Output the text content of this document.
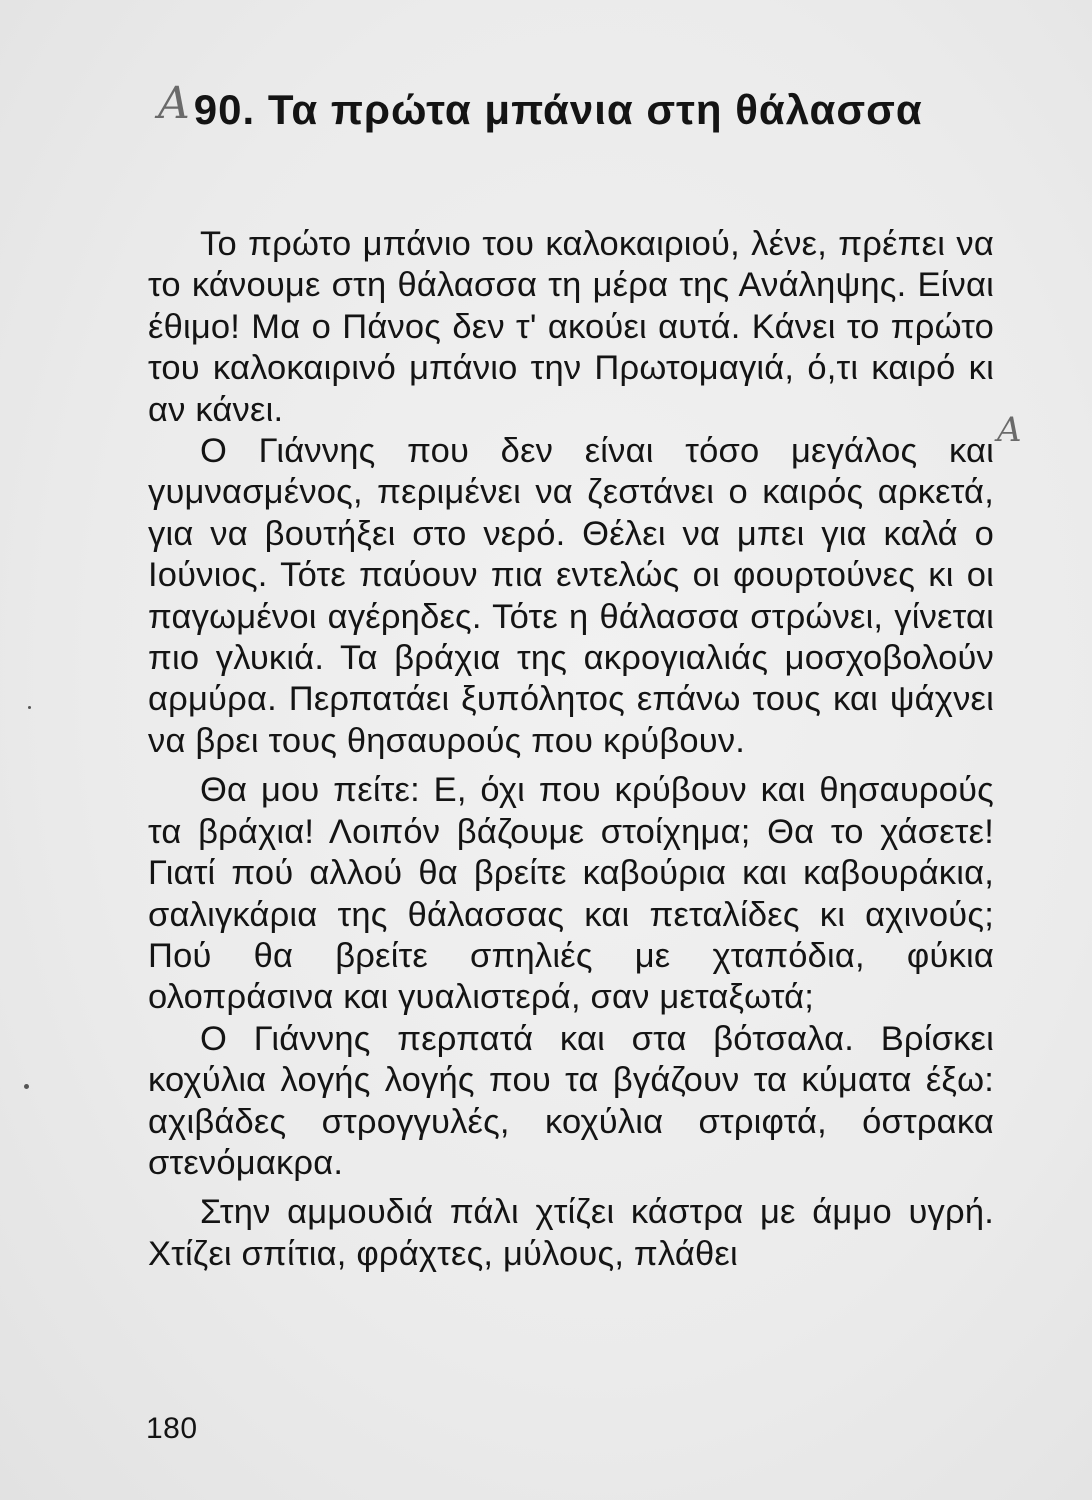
A 90. Τα πρώτα μπάνια στη θάλασσα

Το πρώτο μπάνιο του καλοκαιριού, λένε, πρέπει να το κάνουμε στη θάλασσα τη μέρα της Ανάληψης. Είναι έθιμο! Μα ο Πάνος δεν τ' ακούει αυτά. Κάνει το πρώτο του καλοκαιρινό μπάνιο την Πρωτομαγιά, ό,τι καιρό κι αν κάνει.

Ο Γιάννης που δεν είναι τόσο μεγάλος και γυμνασμένος, περιμένει να ζεστάνει ο καιρός αρκετά, για να βουτήξει στο νερό. Θέλει να μπει για καλά ο Ιούνιος. Τότε παύουν πια εντελώς οι φουρτούνες κι οι παγωμένοι αγέρηδες. Τότε η θάλασσα στρώνει, γίνεται πιο γλυκιά. Τα βράχια της ακρογιαλιάς μοσχοβολούν αρμύρα. Περπατάει ξυπόλητος επάνω τους και ψάχνει να βρει τους θησαυρούς που κρύβουν.

Θα μου πείτε: Ε, όχι που κρύβουν και θησαυρούς τα βράχια! Λοιπόν βάζουμε στοίχημα; Θα το χάσετε! Γιατί πού αλλού θα βρείτε καβούρια και καβουράκια, σαλιγκάρια της θάλασσας και πεταλίδες κι αχινούς; Πού θα βρείτε σπηλιές με χταπόδια, φύκια ολοπράσινα και γυαλιστερά, σαν μεταξωτά;

Ο Γιάννης περπατά και στα βότσαλα. Βρίσκει κοχύλια λογής λογής που τα βγάζουν τα κύματα έξω: αχιβάδες στρογγυλές, κοχύλια στριφτά, όστρακα στενόμακρα.

Στην αμμουδιά πάλι χτίζει κάστρα με άμμο υγρή. Χτίζει σπίτια, φράχτες, μύλους, πλάθει

A
180
